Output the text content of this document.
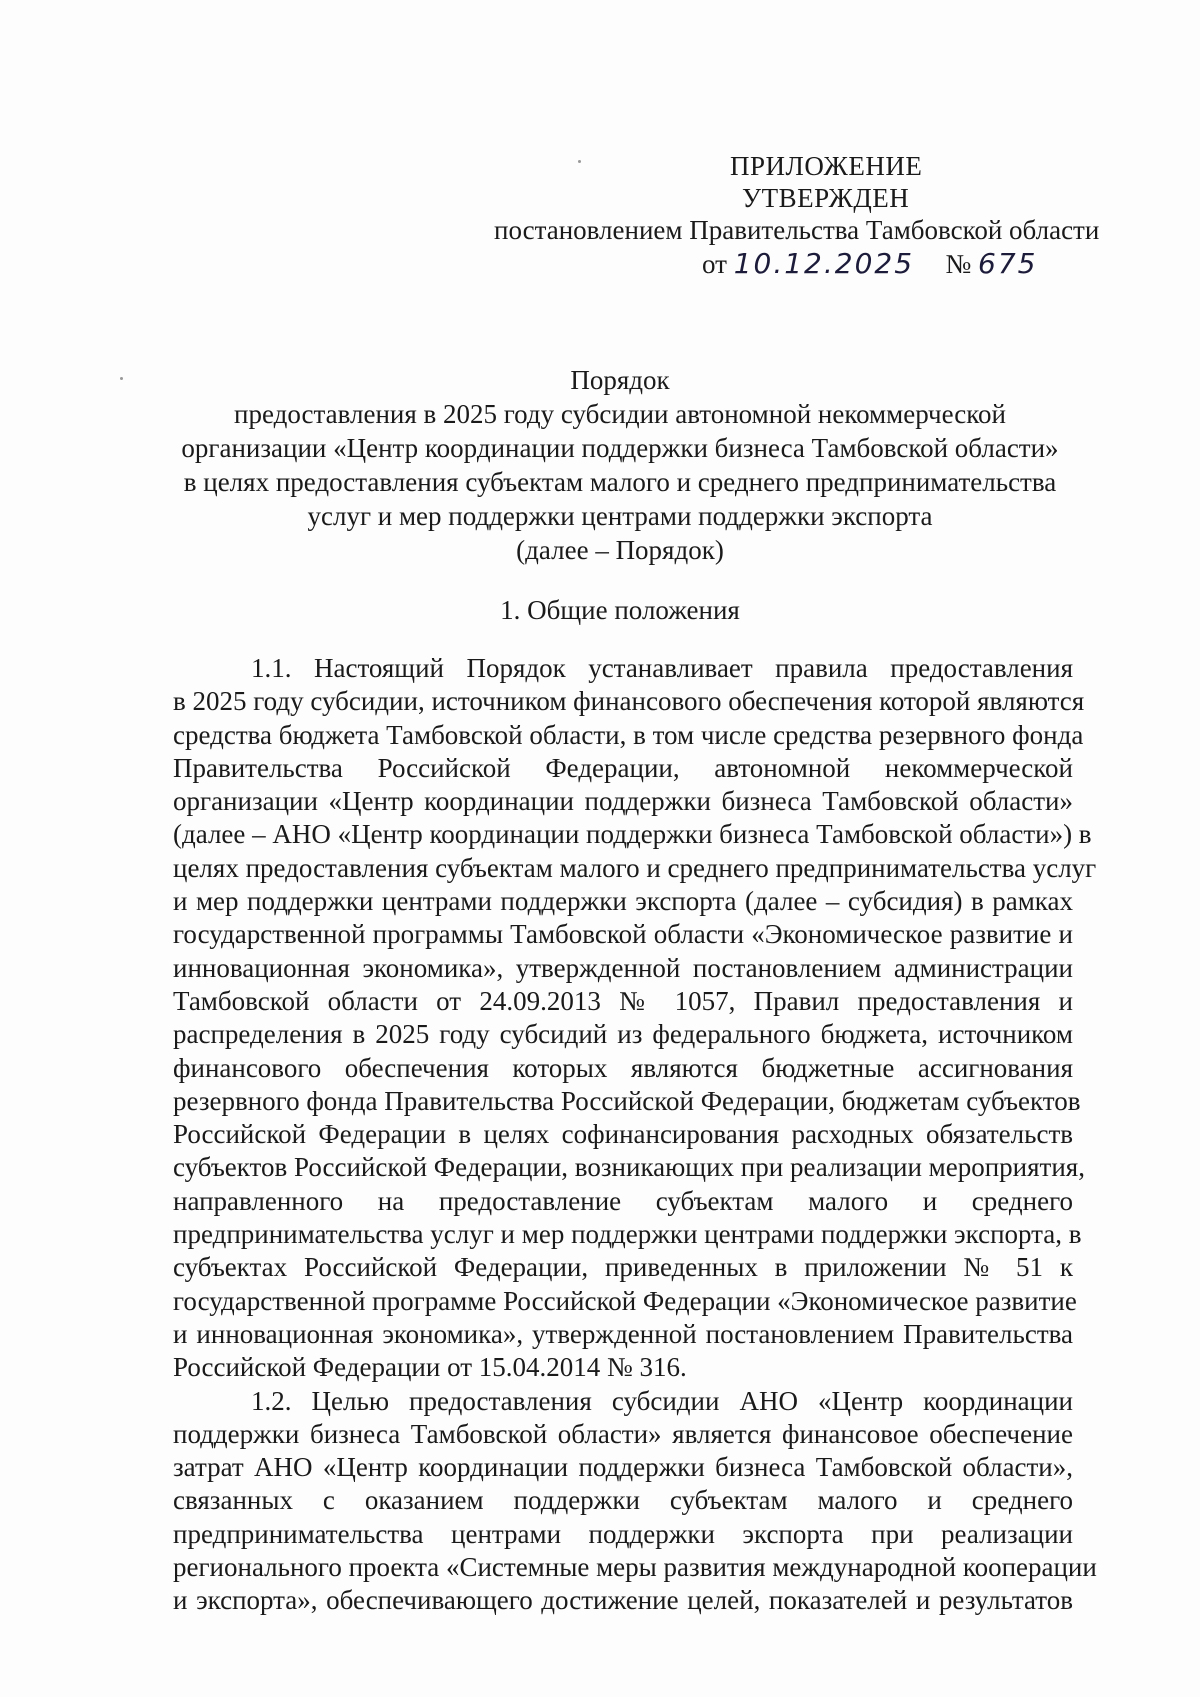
ПРИЛОЖЕНИЕ
УТВЕРЖДЕН
постановлением Правительства Тамбовской области
от 10.12.2025 № 675
Порядок
предоставления в 2025 году субсидии автономной некоммерческой
организации «Центр координации поддержки бизнеса Тамбовской области»
в целях предоставления субъектам малого и среднего предпринимательства
услуг и мер поддержки центрами поддержки экспорта
(далее – Порядок)
1. Общие положения
1.1. Настоящий Порядок устанавливает правила предоставления
в 2025 году субсидии, источником финансового обеспечения которой являются
средства бюджета Тамбовской области, в том числе средства резервного фонда
Правительства Российской Федерации, автономной некоммерческой
организации «Центр координации поддержки бизнеса Тамбовской области»
(далее – АНО «Центр координации поддержки бизнеса Тамбовской области») в
целях предоставления субъектам малого и среднего предпринимательства услуг
и мер поддержки центрами поддержки экспорта (далее – субсидия) в рамках
государственной программы Тамбовской области «Экономическое развитие и
инновационная экономика», утвержденной постановлением администрации
Тамбовской области от 24.09.2013 № 1057, Правил предоставления и
распределения в 2025 году субсидий из федерального бюджета, источником
финансового обеспечения которых являются бюджетные ассигнования
резервного фонда Правительства Российской Федерации, бюджетам субъектов
Российской Федерации в целях софинансирования расходных обязательств
субъектов Российской Федерации, возникающих при реализации мероприятия,
направленного на предоставление субъектам малого и среднего
предпринимательства услуг и мер поддержки центрами поддержки экспорта, в
субъектах Российской Федерации, приведенных в приложении № 51 к
государственной программе Российской Федерации «Экономическое развитие
и инновационная экономика», утвержденной постановлением Правительства
Российской Федерации от 15.04.2014 № 316.
1.2. Целью предоставления субсидии АНО «Центр координации
поддержки бизнеса Тамбовской области» является финансовое обеспечение
затрат АНО «Центр координации поддержки бизнеса Тамбовской области»,
связанных с оказанием поддержки субъектам малого и среднего
предпринимательства центрами поддержки экспорта при реализации
регионального проекта «Системные меры развития международной кооперации
и экспорта», обеспечивающего достижение целей, показателей и результатов
